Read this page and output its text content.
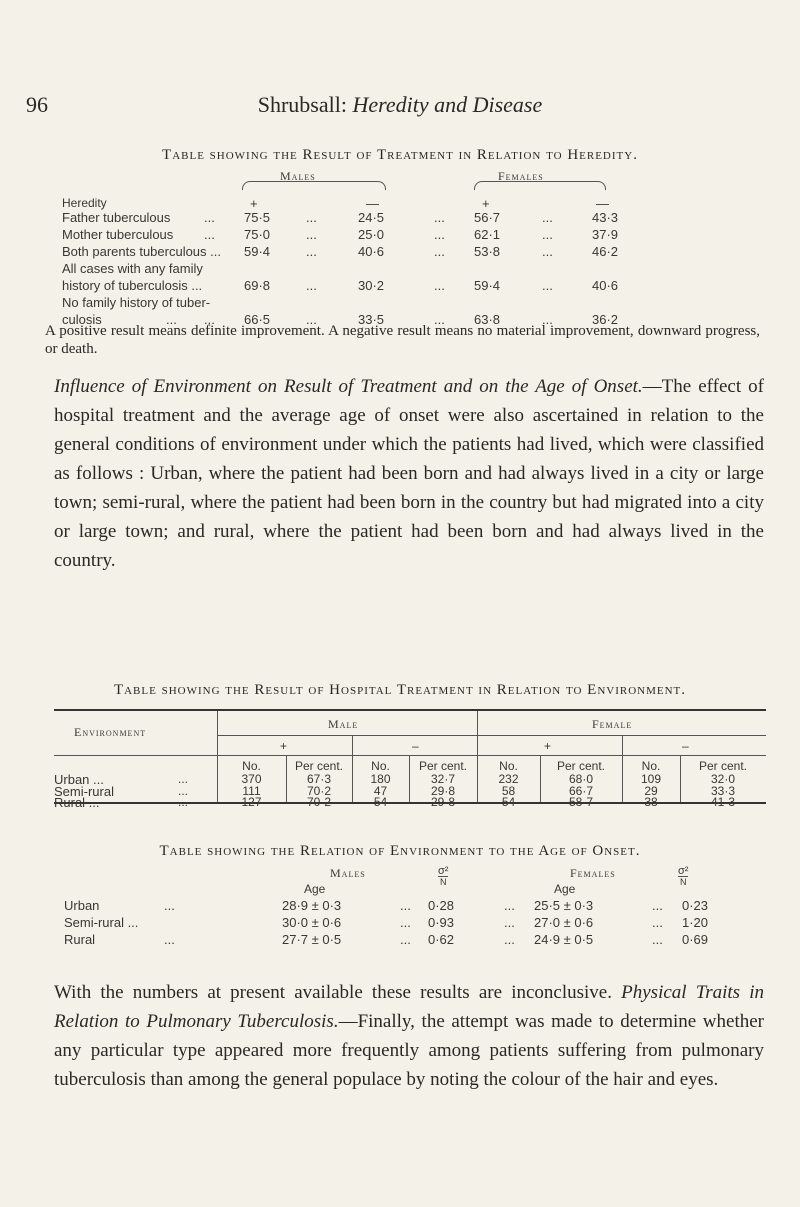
96	Shrubsall: Heredity and Disease
Table showing the Result of Treatment in Relation to Heredity.
Males	Females
Heredity	+	—	+	—
Father tuberculous	... 75·5	...	24·5	... 56·7	...	43·3
Mother tuberculous ... 75·0	...	25·0	... 62·1	...	37·9
Both parents tuberculous ... 59·4	...	40·6	... 53·8	...	46·2
All cases with any family
history of tuberculosis ...	69·8	...	30·2	... 59·4	...	40·6
No family history of tuber-
culosis	... ... 66·5	...	33·5	... 63·8	...	36·2
A positive result means definite improvement. A negative result means no material improvement, downward progress, or death.
Influence of Environment on Result of Treatment and on the Age of Onset.—The effect of hospital treatment and the average age of onset were also ascertained in relation to the general conditions of environment under which the patients had lived, which were classified as follows : Urban, where the patient had been born and had always lived in a city or large town; semi-rural, where the patient had been born in the country but had migrated into a city or large town; and rural, where the patient had been born and had always lived in the country.
Table showing the Result of Hospital Treatment in Relation to Environment.
Environment
Male	Female
+	–	+	–
No.	Per cent.	No.	Per cent.	No.	Per cent.	No.	Per cent.
Urban ...	...	370	67·3	180	32·7	232	68·0	109	32·0
Semi-rural	...	111	70·2	47	29·8	58	66·7	29	33·3
Rural ...	...	127	70·2	54	29·8	54	58·7	38	41·3
Table showing the Relation of Environment to the Age of Onset.
Males	Females
Age	Age
σ²
N
σ²
N
Urban	...	28·9 ± 0·3	... 0·28	... 25·5 ± 0·3	... 0·23
Semi-rural ...	30·0 ± 0·6	... 0·93	... 27·0 ± 0·6	... 1·20
Rural	...	27·7 ± 0·5	... 0·62	... 24·9 ± 0·5	... 0·69
With the numbers at present available these results are inconclusive. Physical Traits in Relation to Pulmonary Tuberculosis.—Finally, the attempt was made to determine whether any particular type appeared more frequently among patients suffering from pulmonary tuberculosis than among the general populace by noting the colour of the hair and eyes.
